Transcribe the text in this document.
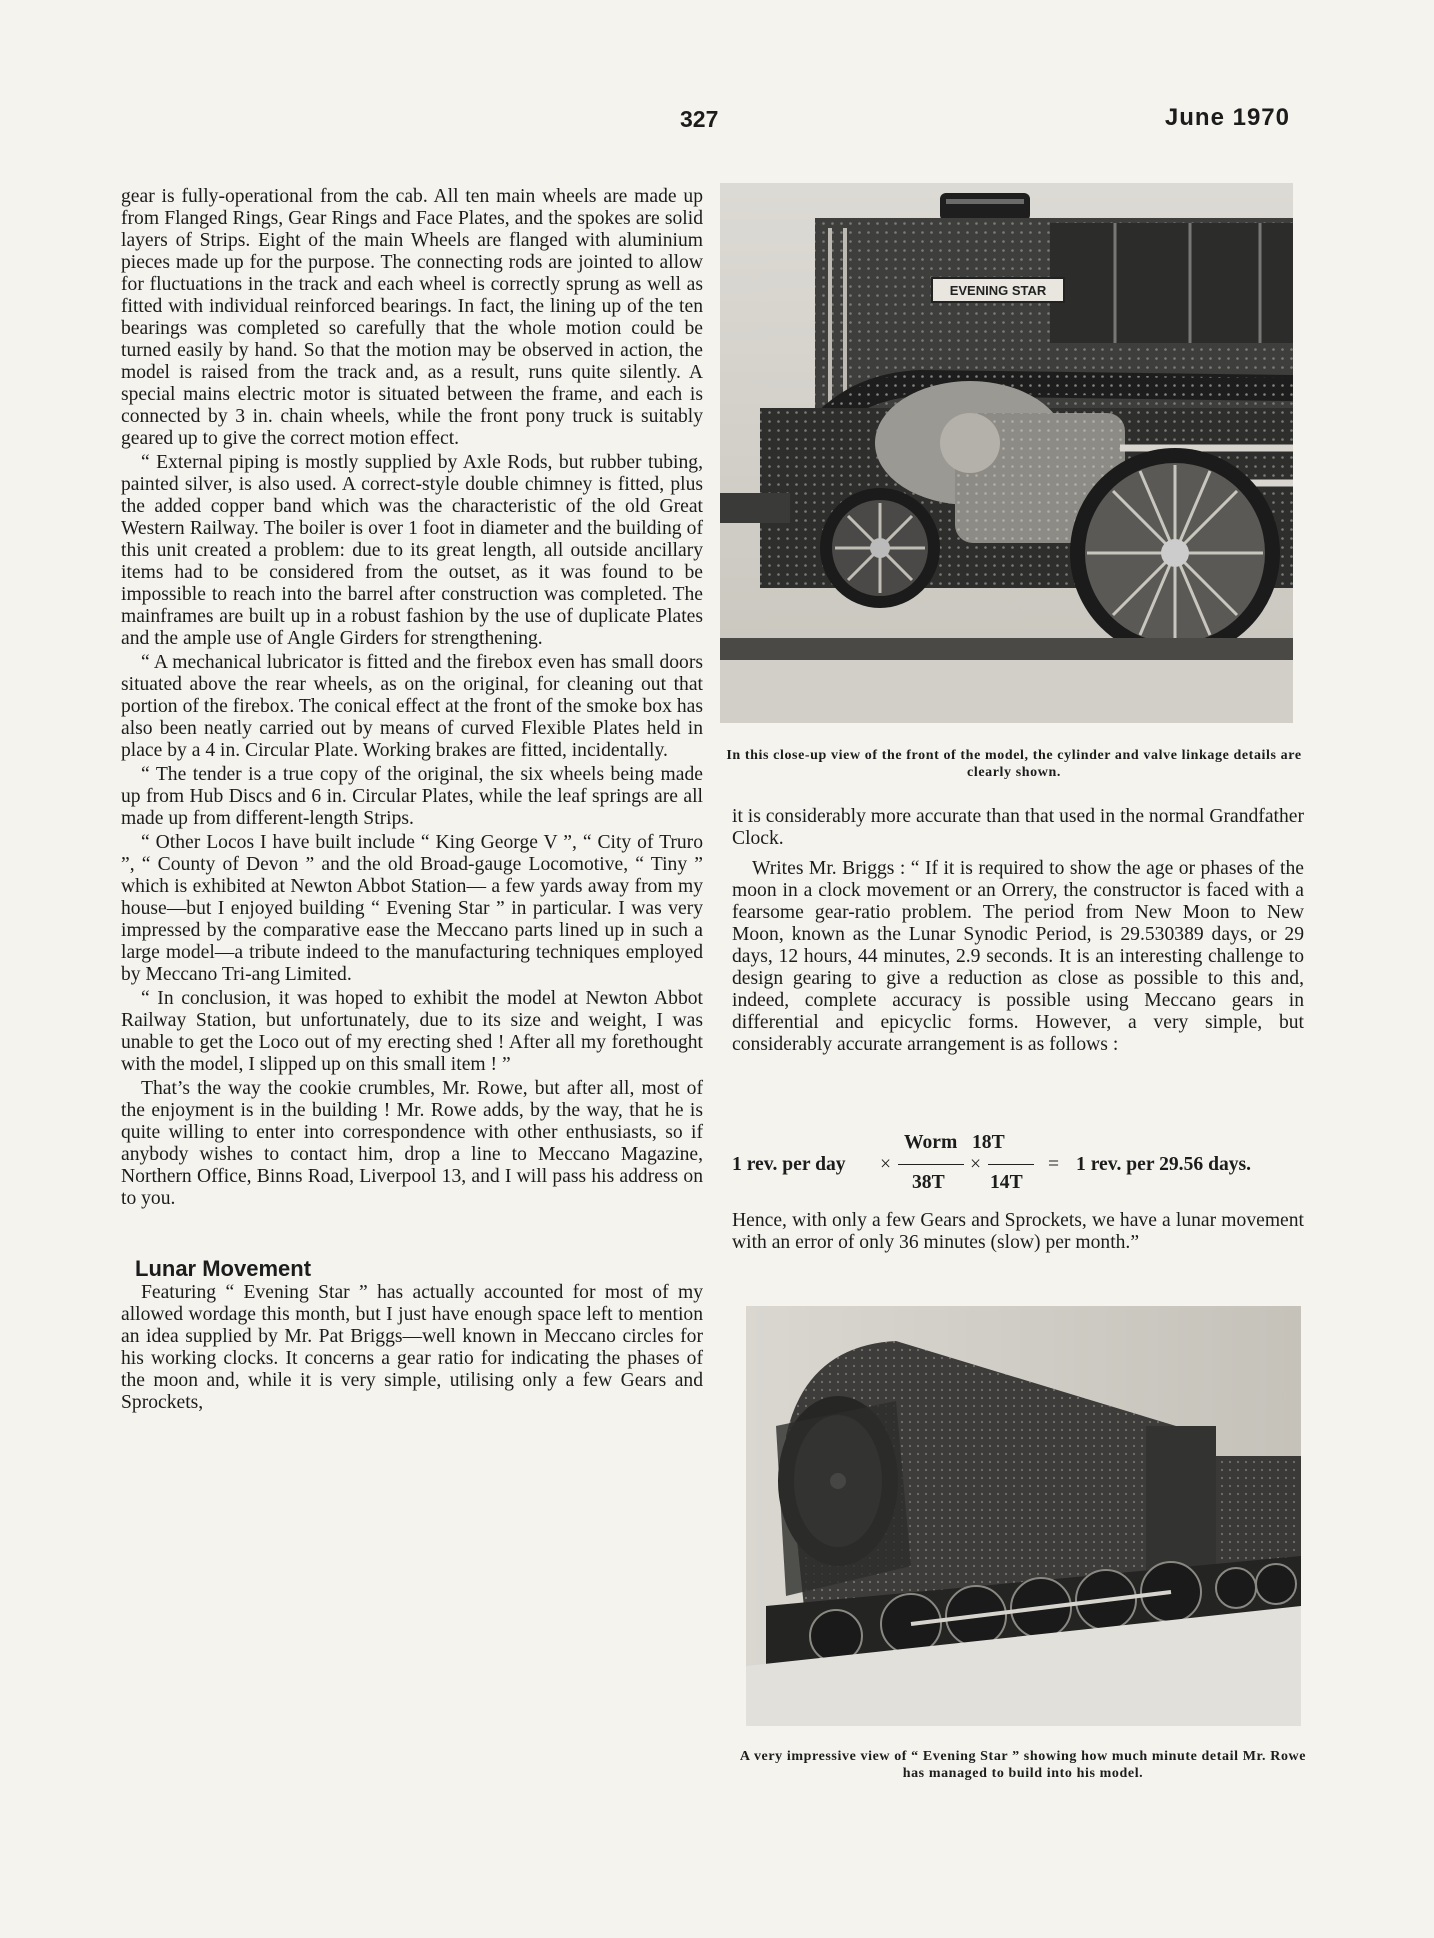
327	June 1970

gear is fully-operational from the cab. All ten main wheels are made up from Flanged Rings, Gear Rings and Face Plates, and the spokes are solid layers of Strips. Eight of the main Wheels are flanged with aluminium pieces made up for the purpose. The connecting rods are jointed to allow for fluctuations in the track and each wheel is correctly sprung as well as fitted with individual reinforced bearings. In fact, the lining up of the ten bearings was completed so carefully that the whole motion could be turned easily by hand. So that the motion may be observed in action, the model is raised from the track and, as a result, runs quite silently. A special mains electric motor is situated between the frame, and each is connected by 3 in. chain wheels, while the front pony truck is suitably geared up to give the correct motion effect.

“ External piping is mostly supplied by Axle Rods, but rubber tubing, painted silver, is also used. A correct-style double chimney is fitted, plus the added copper band which was the characteristic of the old Great Western Railway. The boiler is over 1 foot in diameter and the building of this unit created a problem: due to its great length, all outside ancillary items had to be considered from the outset, as it was found to be impossible to reach into the barrel after construction was completed. The mainframes are built up in a robust fashion by the use of duplicate Plates and the ample use of Angle Girders for strengthening.

“ A mechanical lubricator is fitted and the firebox even has small doors situated above the rear wheels, as on the original, for cleaning out that portion of the firebox. The conical effect at the front of the smoke box has also been neatly carried out by means of curved Flexible Plates held in place by a 4 in. Circular Plate. Working brakes are fitted, incidentally.

“ The tender is a true copy of the original, the six wheels being made up from Hub Discs and 6 in. Circular Plates, while the leaf springs are all made up from different-length Strips.

“ Other Locos I have built include “ King George V ”, “ City of Truro ”, “ County of Devon ” and the old Broad-gauge Locomotive, “ Tiny ” which is exhibited at Newton Abbot Station— a few yards away from my house—but I enjoyed building “ Evening Star ” in particular. I was very impressed by the comparative ease the Meccano parts lined up in such a large model—a tribute indeed to the manufacturing techniques employed by Meccano Tri-ang Limited.

“ In conclusion, it was hoped to exhibit the model at Newton Abbot Railway Station, but unfortunately, due to its size and weight, I was unable to get the Loco out of my erecting shed ! After all my forethought with the model, I slipped up on this small item ! ”

That’s the way the cookie crumbles, Mr. Rowe, but after all, most of the enjoyment is in the building ! Mr. Rowe adds, by the way, that he is quite willing to enter into correspondence with other enthusiasts, so if anybody wishes to contact him, drop a line to Meccano Magazine, Northern Office, Binns Road, Liverpool 13, and I will pass his address on to you.

Lunar Movement

Featuring “ Evening Star ” has actually accounted for most of my allowed wordage this month, but I just have enough space left to mention an idea supplied by Mr. Pat Briggs—well known in Meccano circles for his working clocks. It concerns a gear ratio for indicating the phases of the moon and, while it is very simple, utilising only a few Gears and Sprockets,

EVENING STAR
In this close-up view of the front of the model, the cylinder and valve linkage details are clearly shown.

it is considerably more accurate than that used in the normal Grandfather Clock.

Writes Mr. Briggs : “ If it is required to show the age or phases of the moon in a clock movement or an Orrery, the constructor is faced with a fearsome gear-ratio problem. The period from New Moon to New Moon, known as the Lunar Synodic Period, is 29.530389 days, or 29 days, 12 hours, 44 minutes, 2.9 seconds. It is an interesting challenge to design gearing to give a reduction as close as possible to this and, indeed, complete accuracy is possible using Meccano gears in differential and epicyclic forms. However, a very simple, but considerably accurate arrangement is as follows :

1 rev. per day ×
Worm
38T
×
18T
14T
= 1 rev. per 29.56 days.

Hence, with only a few Gears and Sprockets, we have a lunar movement with an error of only 36 minutes (slow) per month.”

A very impressive view of “ Evening Star ” showing how much minute detail Mr. Rowe has managed to build into his model.
